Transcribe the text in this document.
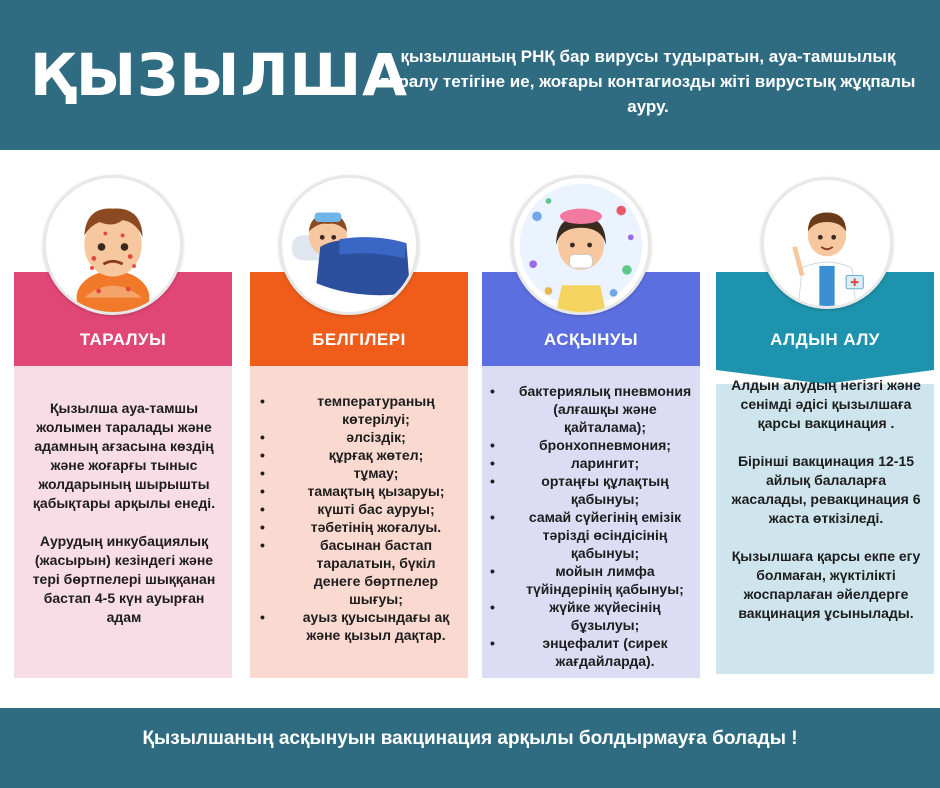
ҚЫЗЫЛША
қызылшаның РНҚ бар вирусы тудыратын, ауа-тамшылық таралу тетігіне ие, жоғары контагиозды жіті вирустық жұқпалы ауру.

Қызылша ауа-тамшы жолымен таралады және адамның ағзасына көздің және жоғарғы тыныс жолдарының шырышты қабықтары арқылы енеді.

Аурудың инкубациялық (жасырын) кезіндегі және тері бөртпелері шыққанан бастап 4-5 күн ауырған адам

ТАРАЛУЫ
• температураның көтерілуі;
• әлсіздік;
• құрғақ жөтел;
• тұмау;
• тамақтың қызаруы;
• күшті бас ауруы;
• тәбетінің жоғалуы.
• басынан бастап таралатын, бүкіл денеге бөртпелер шығуы;
• ауыз қуысындағы ақ және қызыл дақтар.
БЕЛГІЛЕРІ
• бактериялық пневмония (алғашқы және қайталама);
• бронхопневмония;
• ларингит;
• ортаңғы құлақтың қабынуы;
• самай сүйегінің емізік тәрізді өсіндісінің қабынуы;
• мойын лимфа түйіндерінің қабынуы;
• жүйке жүйесінің бұзылуы;
• энцефалит (сирек жағдайларда).
АСҚЫНУЫ

Алдын алудың негізгі және сенімді әдісі қызылшаға қарсы вакцинация .

Бірінші вакцинация 12-15 айлық балаларға жасалады, ревакцинация 6 жаста өткізіледі.

Қызылшаға қарсы екпе егу болмаған, жүктілікті жоспарлаған әйелдерге вакцинация ұсынылады.

АЛДЫН АЛУ
Қызылшаның асқынуын вакцинация арқылы болдырмауға болады !
